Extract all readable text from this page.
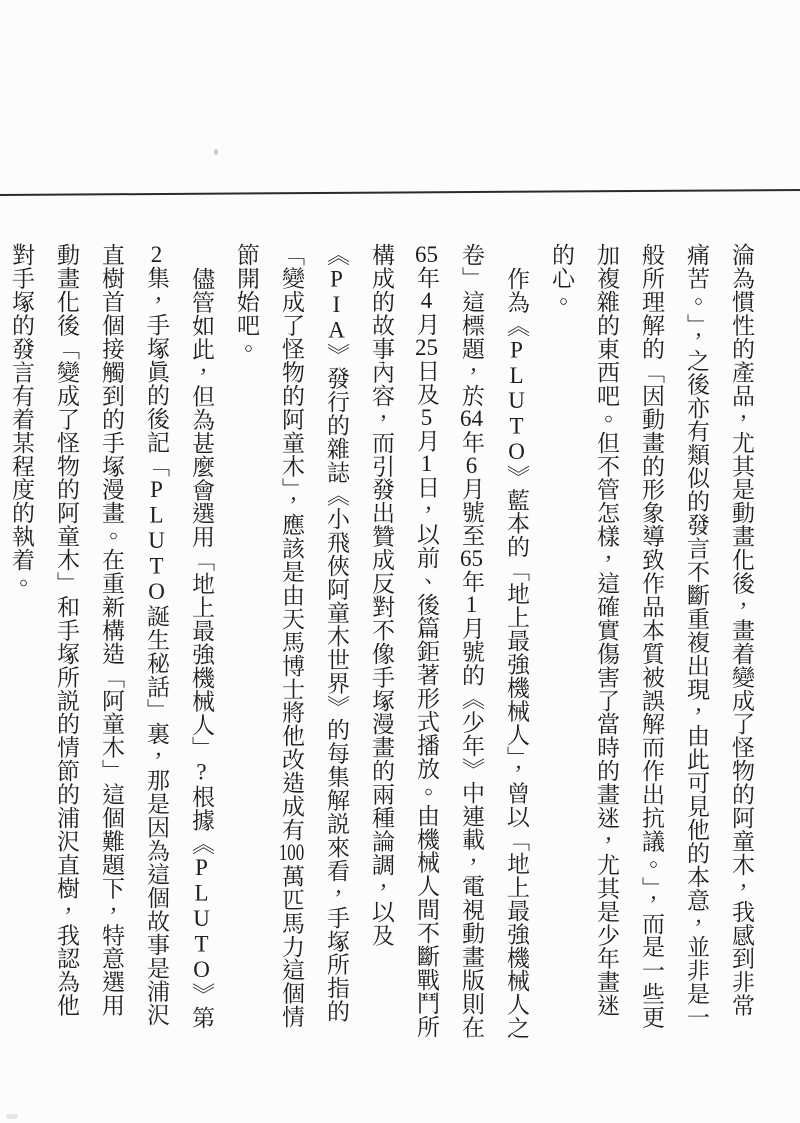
淪為慣性的產品，尤其是動畫化後，畫着變成了怪物的阿童木，我感到非常痛苦。」，之後亦有類似的發言不斷重複出現，由此可見他的本意，並非是一般所理解的「因動畫的形象導致作品本質被誤解而作出抗議。」，而是一些更加複雜的東西吧。但不管怎樣，這確實傷害了當時的畫迷，尤其是少年畫迷的心。

作為《PLUTO》藍本的「地上最強機械人」，曾以「地上最強機械人之卷」這標題，於64年6月號至65年1月號的《少年》中連載，電視動畫版則在65年4月25日及5月1日，以前、後篇鉅著形式播放。由機械人間不斷戰鬥所構成的故事內容，而引發出贊成反對不像手塚漫畫的兩種論調，以及《PIA》發行的雜誌《小飛俠阿童木世界》的每集解説來看，手塚所指的「變成了怪物的阿童木」，應該是由天馬博士將他改造成有100萬匹馬力這個情節開始吧。

儘管如此，但為甚麼會選用「地上最強機械人」?根據《PLUTO》第2集，手塚眞的後記「PLUTO誕生秘話」裏，那是因為這個故事是浦沢直樹首個接觸到的手塚漫畫。在重新構造「阿童木」這個難題下，特意選用動畫化後「變成了怪物的阿童木」和手塚所説的情節的浦沢直樹，我認為他對手塚的發言有着某程度的執着。
